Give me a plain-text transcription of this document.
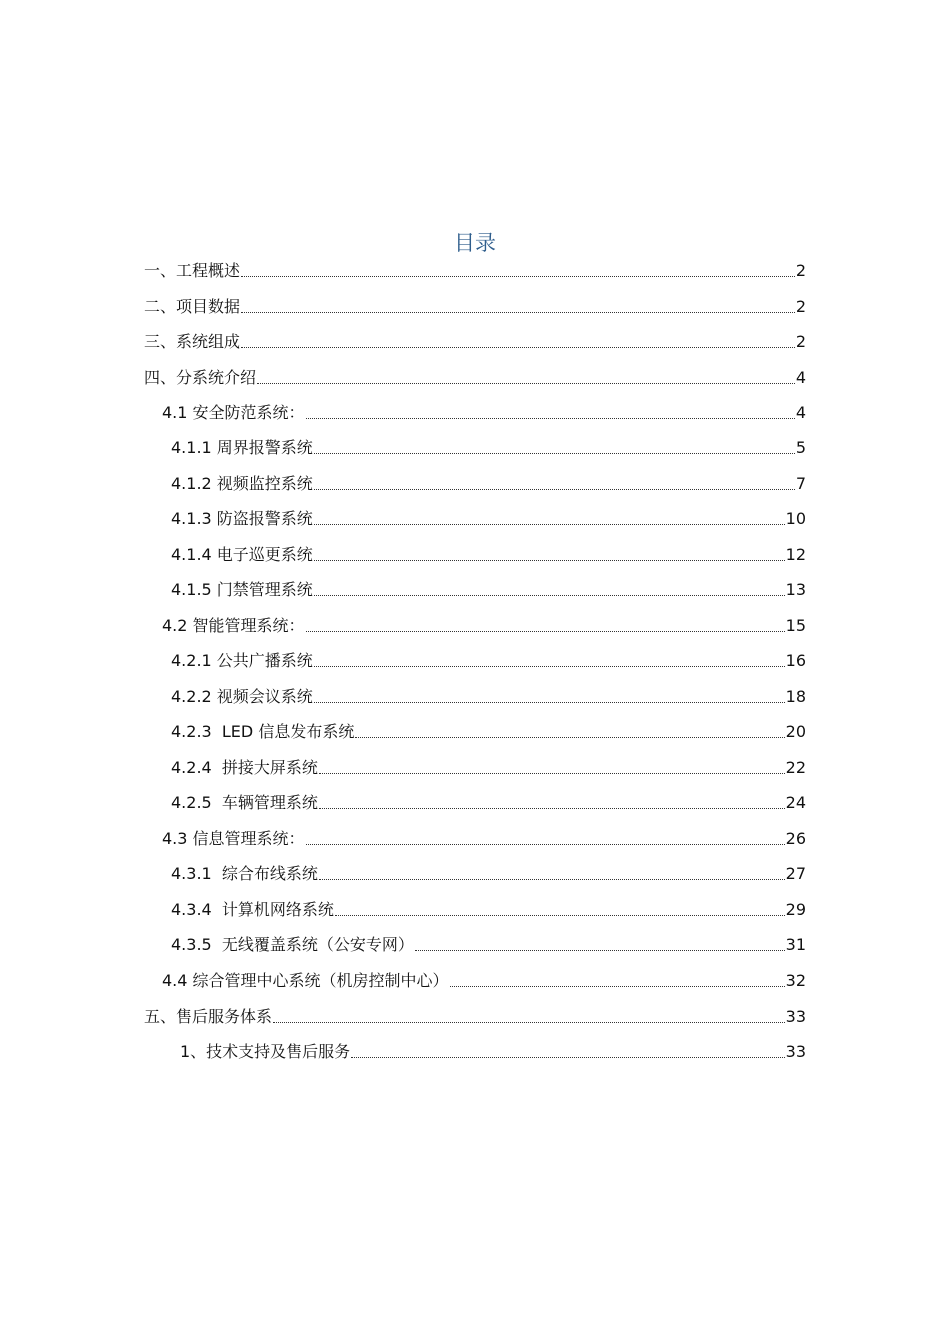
目录
一、工程概述	2
二、项目数据	2
三、系统组成	2
四、分系统介绍	4
4.1 安全防范系统：	4
4.1.1 周界报警系统	5
4.1.2 视频监控系统	7
4.1.3 防盗报警系统	10
4.1.4 电子巡更系统	12
4.1.5 门禁管理系统	13
4.2 智能管理系统：	15
4.2.1 公共广播系统	16
4.2.2 视频会议系统	18
4.2.3  LED 信息发布系统	20
4.2.4  拼接大屏系统	22
4.2.5  车辆管理系统	24
4.3 信息管理系统：	26
4.3.1  综合布线系统	27
4.3.4  计算机网络系统	29
4.3.5  无线覆盖系统（公安专网）	31
4.4 综合管理中心系统（机房控制中心）	32
五、售后服务体系	33
1、技术支持及售后服务	33
